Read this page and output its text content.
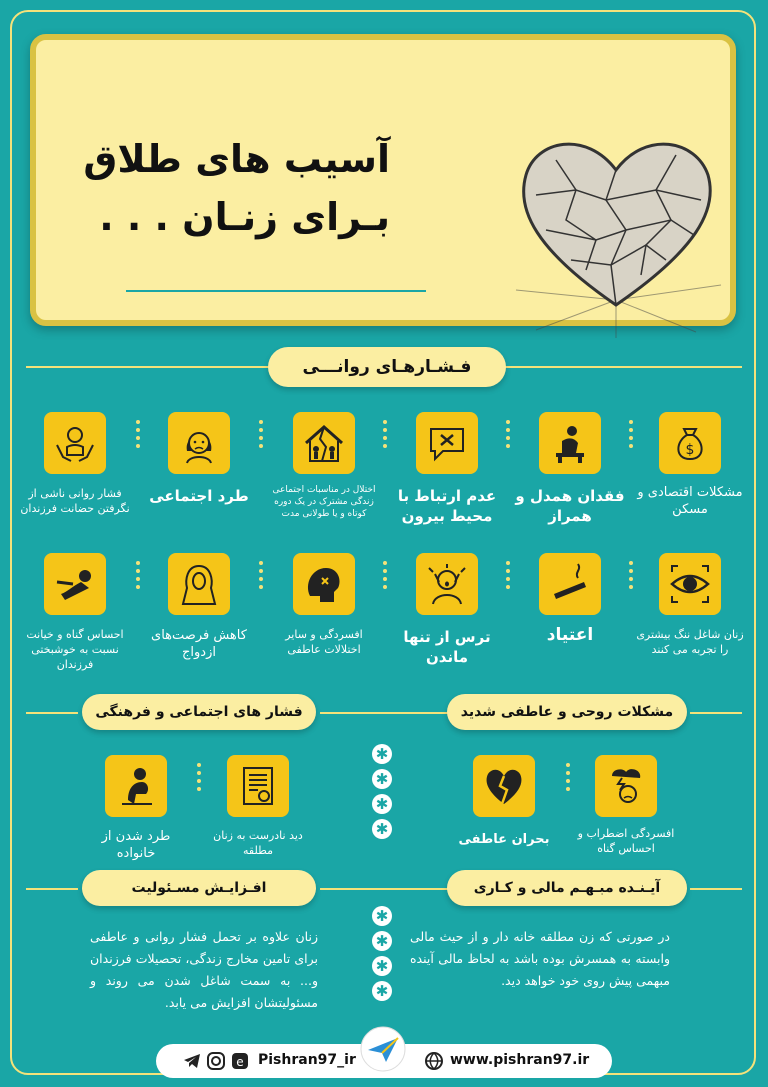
آسیب های طلاق
بـرای زنـان . . .
فـشـارهـای روانـــی
$
مشکلات اقتصادی و مسکن
فقدان همدل و همراز
عدم ارتباط با محیط بیرون
اختلال در مناسبات اجتماعی زندگی مشترک در یک دوره کوتاه و یا طولانی مدت
طرد اجتماعی
فشار روانی ناشی از نگرفتن حضانت فرزندان
زنان شاغل ننگ بیشتری را تجربه می کنند
اعتیاد
ترس از تنها ماندن
افسردگی و سایر اختلالات عاطفی
کاهش فرصت‌های ازدواج
احساس گناه و خیانت نسبت به خوشبختی فرزندان
فشار های اجتماعی و فرهنگی	مشکلات روحی و عاطفی شدید
✱
✱
✱
✱	افسردگی اضطراب و احساس گناه
بحران عاطفی
دید نادرست به زنان مطلقه
طرد شدن از خانواده
افـزایـش مسـئولیت	آیـنـده مبـهـم مالی و کـاری
✱
✱
✱
✱
در صورتی که زن مطلقه خانه دار و از حیث مالی وابسته به همسرش بوده باشد به لحاظ مالی آینده مبهمی پیش روی خود خواهد دید.
زنان علاوه بر تحمل فشار روانی و عاطفی برای تامین مخارج زندگی، تحصیلات فرزندان و... به سمت شاغل شدن می روند و مسئولیتشان افزایش می یابد.
e Pishran97_ir	www.pishran97.ir
